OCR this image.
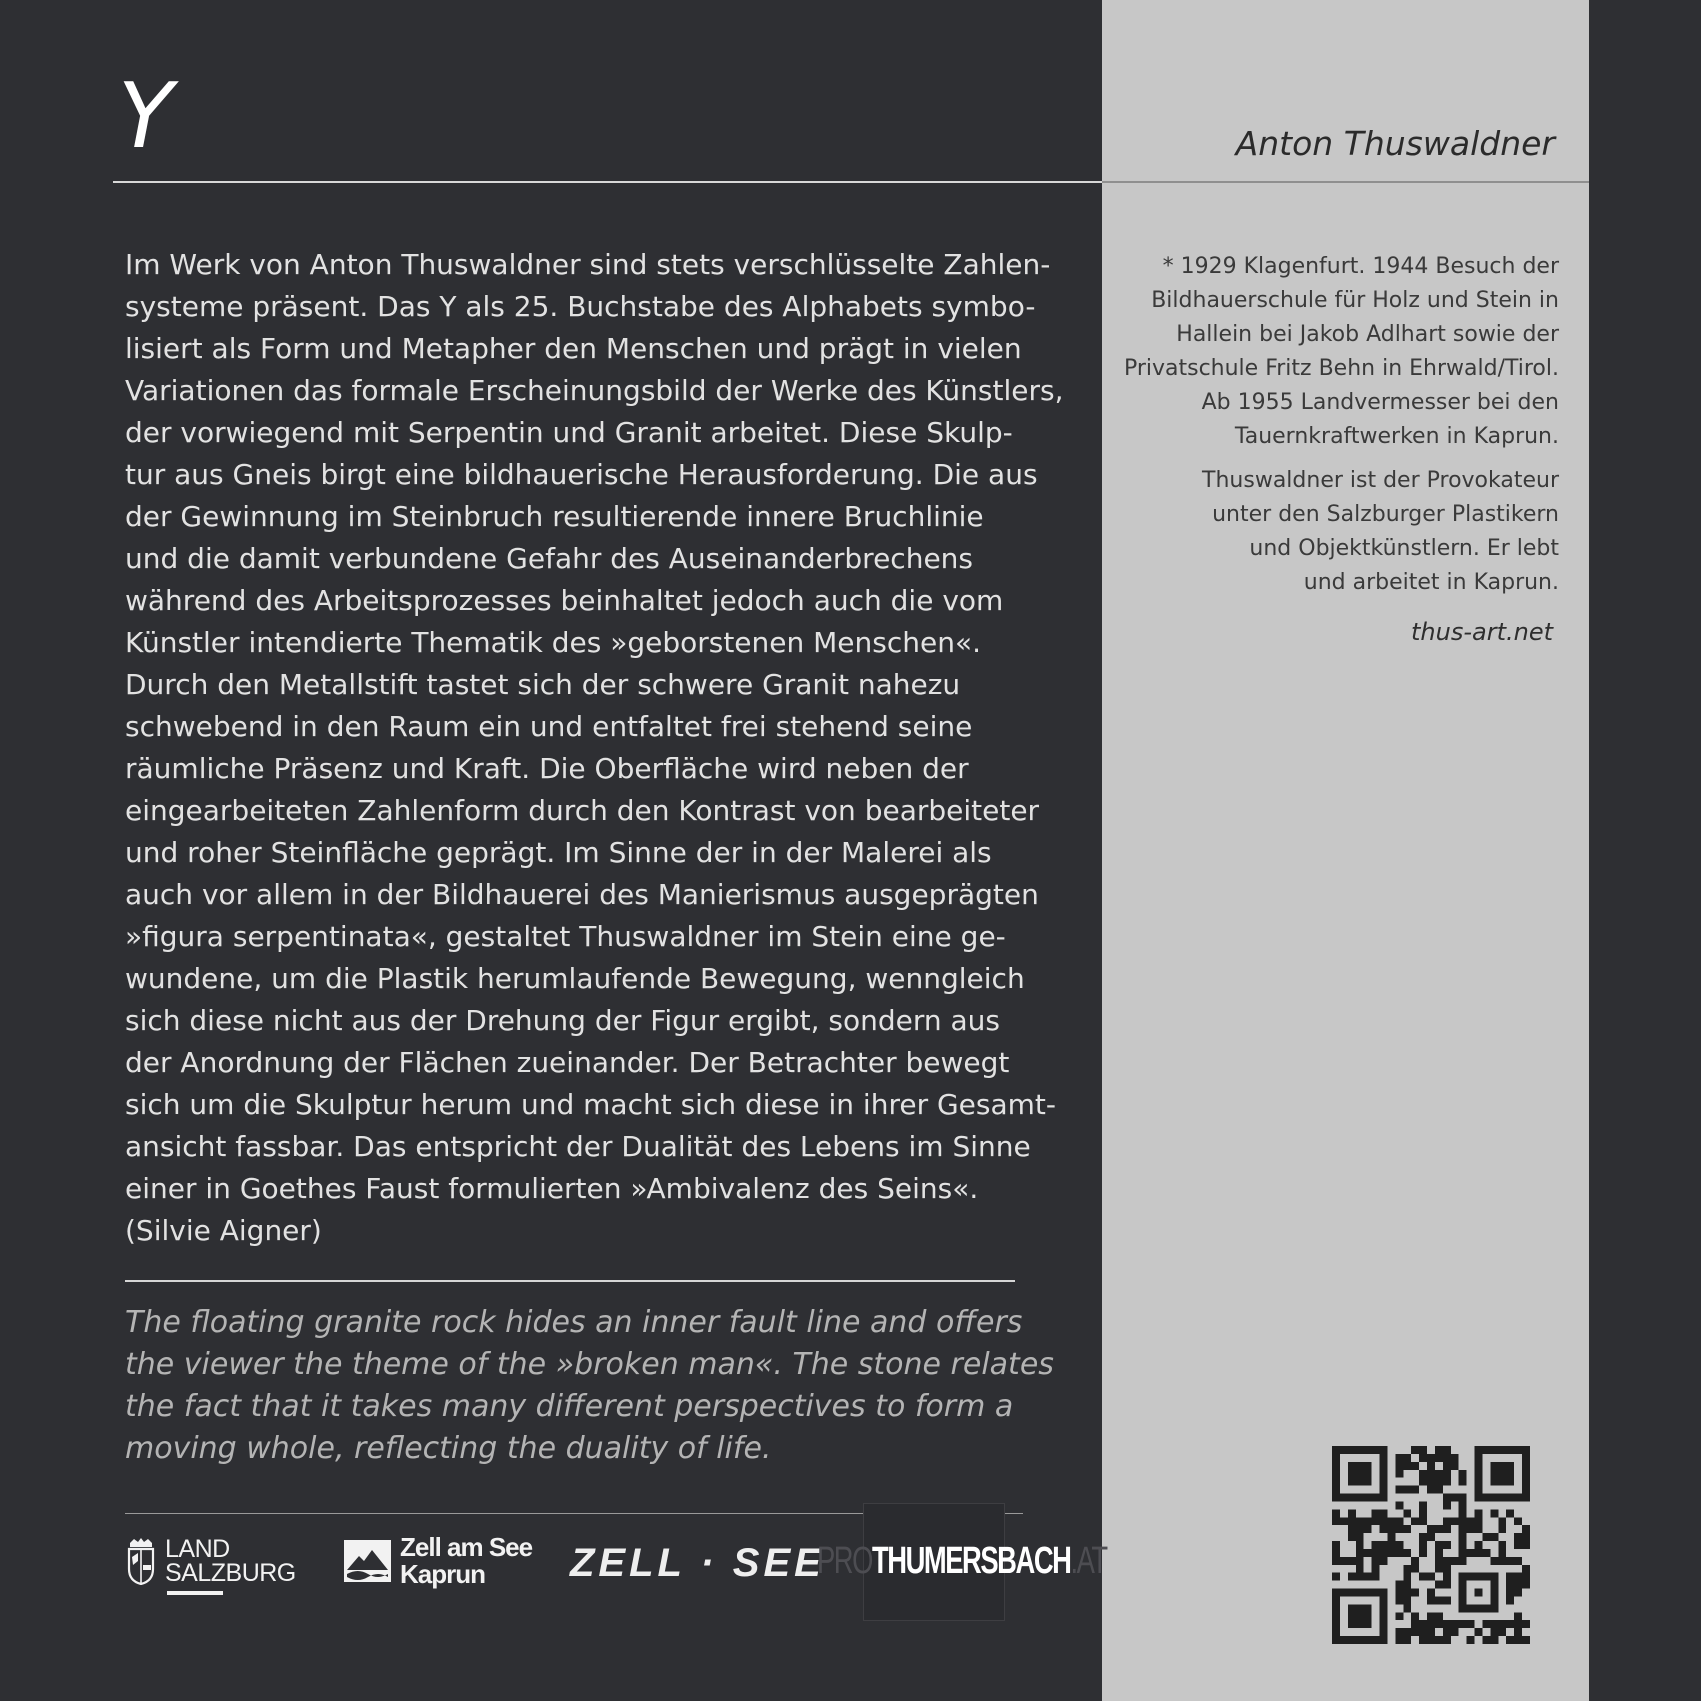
Y	Anton Thuswaldner
Im Werk von Anton Thuswaldner sind stets verschlüsselte Zahlen-
systeme präsent. Das Y als 25. Buchstabe des Alphabets symbo-
lisiert als Form und Metapher den Menschen und prägt in vielen
Variationen das formale Erscheinungsbild der Werke des Künstlers,
der vorwiegend mit Serpentin und Granit arbeitet. Diese Skulp-
tur aus Gneis birgt eine bildhauerische Herausforderung. Die aus
der Gewinnung im Steinbruch resultierende innere Bruchlinie
und die damit verbundene Gefahr des Auseinanderbrechens
während des Arbeitsprozesses beinhaltet jedoch auch die vom
Künstler intendierte Thematik des »geborstenen Menschen«.
Durch den Metallstift tastet sich der schwere Granit nahezu
schwebend in den Raum ein und entfaltet frei stehend seine
räumliche Präsenz und Kraft. Die Oberfläche wird neben der
eingearbeiteten Zahlenform durch den Kontrast von bearbeiteter
und roher Steinfläche geprägt. Im Sinne der in der Malerei als
auch vor allem in der Bildhauerei des Manierismus ausgeprägten
»figura serpentinata«, gestaltet Thuswaldner im Stein eine ge-
wundene, um die Plastik herumlaufende Bewegung, wenngleich
sich diese nicht aus der Drehung der Figur ergibt, sondern aus
der Anordnung der Flächen zueinander. Der Betrachter bewegt
sich um die Skulptur herum und macht sich diese in ihrer Gesamt-
ansicht fassbar. Das entspricht der Dualität des Lebens im Sinne
einer in Goethes Faust formulierten »Ambivalenz des Seins«.
(Silvie Aigner)
The floating granite rock hides an inner fault line and offers
the viewer the theme of the »broken man«. The stone relates
the fact that it takes many different perspectives to form a
moving whole, reflecting the duality of life.
* 1929 Klagenfurt. 1944 Besuch der
Bildhauerschule für Holz und Stein in
Hallein bei Jakob Adlhart sowie der
Privatschule Fritz Behn in Ehrwald/Tirol.
Ab 1955 Landvermesser bei den
Tauernkraftwerken in Kaprun.
Thuswaldner ist der Provokateur
unter den Salzburger Plastikern
und Objektkünstlern. Er lebt
und arbeitet in Kaprun.
thus-art.net
LAND
SALZBURG
Zell am See
Kaprun	ZELL · SEE
PROTHUMERSBACH.AT
